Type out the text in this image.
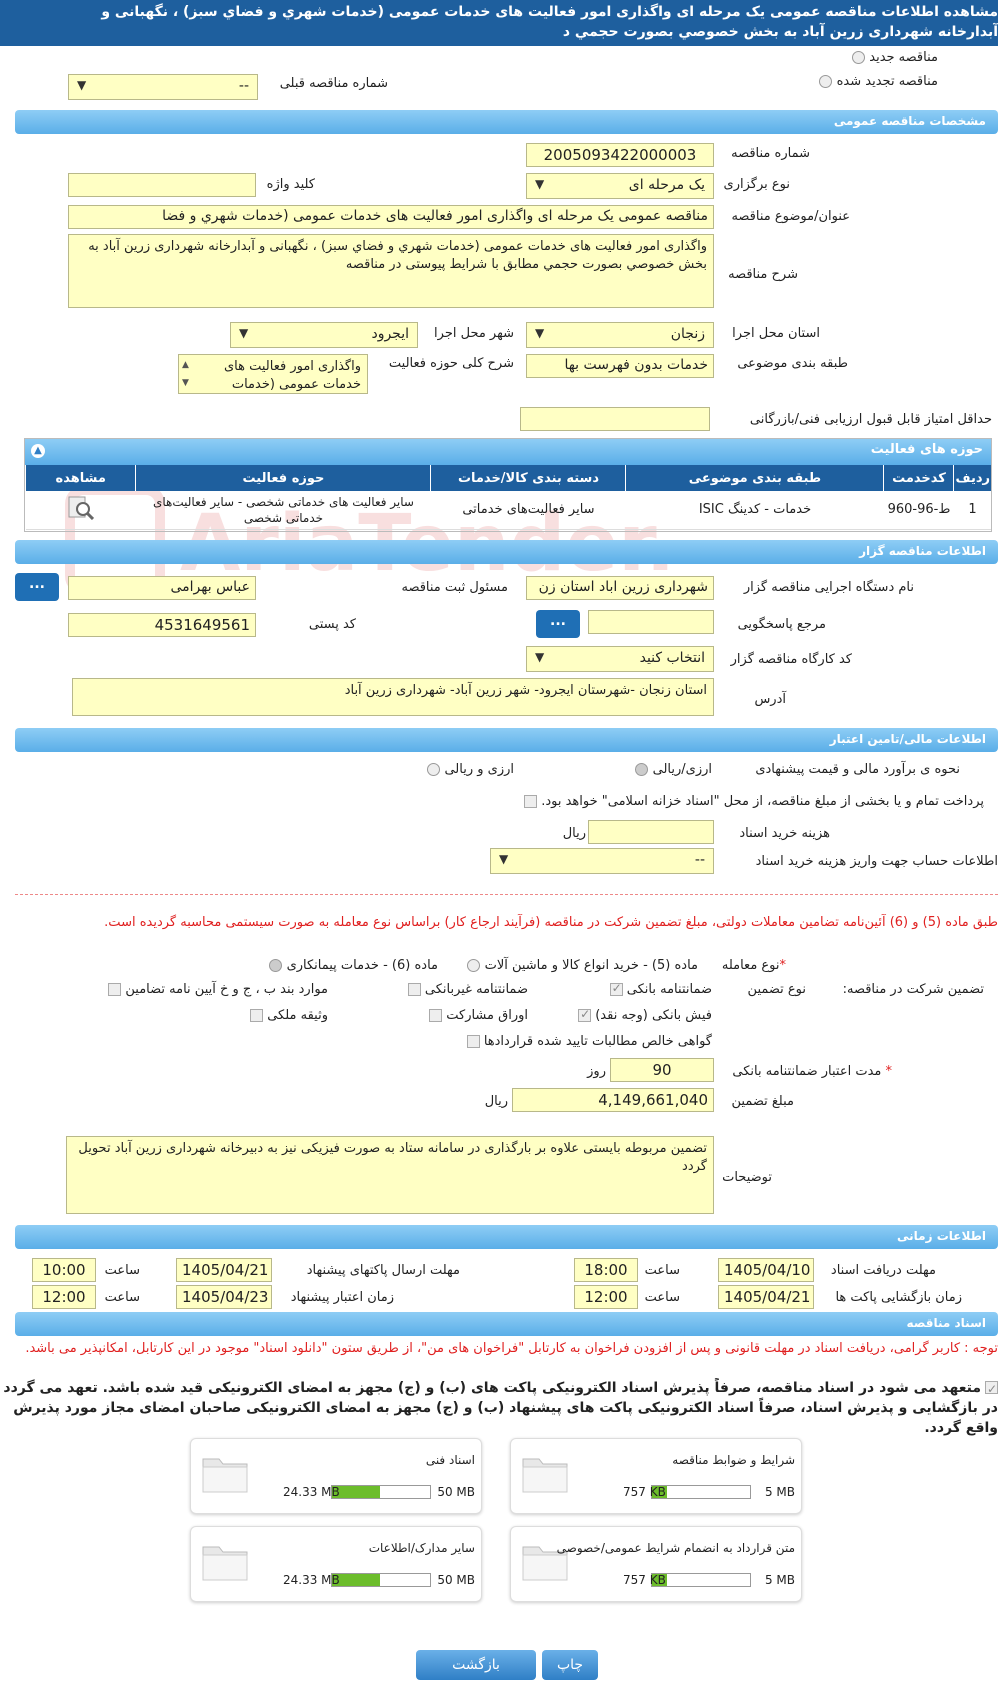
مشاهده اطلاعات مناقصه عمومی یک مرحله ای واگذاری امور فعالیت های خدمات عمومی (خدمات شهري و فضاي سبز) ، نگهبانی و
آبدارخانه شهرداری زرین آباد به بخش خصوصي بصورت حجمي د
مناقصه جدید
مناقصه تجدید شده
شماره مناقصه قبلی
--
▼
مشخصات مناقصه عمومی
شماره مناقصه
2005093422000003
نوع برگزاری
یک مرحله ای
▼
کلید واژه
عنوان/موضوع مناقصه
مناقصه عمومی یک مرحله ای واگذاری امور فعالیت های خدمات عمومی (خدمات شهري و فضا
شرح مناقصه
واگذاری امور فعالیت های خدمات عمومی (خدمات شهري و فضاي سبز) ، نگهبانی و آبدارخانه شهرداری زرین آباد به بخش خصوصي بصورت حجمي مطابق با شرایط پیوستی در مناقصه
استان محل اجرا
زنجان
▼
شهر محل اجرا
ایجرود
▼
طبقه بندی موضوعی
خدمات بدون فهرست بها
شرح کلی حوزه فعالیت
واگذاری امور فعالیت های خدمات عمومی (خدمات
▲
▼
حداقل امتیاز قابل قبول ارزیابی فنی/بازرگانی
حوزه های فعالیت
▲
ردیف	کدخدمت	طبقه بندی موضوعی	دسته بندی کالا/خدمات	حوزه فعالیت	مشاهده
1	ط-96-960	خدمات - کدینگ ISIC	سایر فعالیت‌های خدماتی	سایر فعالیت های خدماتی شخصی - سایر فعالیت‌های خدماتی شخصی	
اطلاعات مناقصه گزار
نام دستگاه اجرایی مناقصه گزار
شهرداری زرین اباد استان زن
مسئول ثبت مناقصه
عباس بهرامی
...
مرجع پاسخگویی
...
کد پستی
4531649561
کد کارگاه مناقصه گزار
انتخاب کنید
▼
آدرس
استان زنجان -شهرستان ایجرود- شهر زرین آباد- شهرداری زرین آباد
اطلاعات مالی/تامین اعتبار
نحوه ی برآورد مالی و قیمت پیشنهادی
ارزی/ریالی
ارزی و ریالی
پرداخت تمام و یا بخشی از مبلغ مناقصه، از محل "اسناد خزانه اسلامی" خواهد بود.
هزینه خرید اسناد
ریال
اطلاعات حساب جهت واریز هزینه خرید اسناد
--
▼
طبق ماده (5) و (6) آئین‌نامه تضامین معاملات دولتی، مبلغ تضمین شرکت در مناقصه (فرآیند ارجاع کار) براساس نوع معامله به صورت سیستمی محاسبه گردیده است.
*نوع معامله
ماده (5) - خرید انواع کالا و ماشین آلات
ماده (6) - خدمات پیمانکاری
تضمین شرکت در مناقصه:
نوع تضمین
ضمانتنامه بانکی ✓
ضمانتنامه غیربانکی
موارد بند ب ، ج و خ آیین نامه تضامین
فیش بانکی (وجه نقد) ✓
اوراق مشارکت
وثیقه ملکی
گواهی خالص مطالبات تایید شده قراردادها
* مدت اعتبار ضمانتنامه بانکی
90
روز
مبلغ تضمین
4,149,661,040
ریال
توضیحات
تضمین مربوطه بایستی علاوه بر بارگذاری در سامانه ستاد به صورت فیزیکی نیز به دبیرخانه شهرداری زرین آباد تحویل گردد
اطلاعات زمانی
مهلت دریافت اسناد
1405/04/10
ساعت
18:00
مهلت ارسال پاکتهای پیشنهاد
1405/04/21
ساعت
10:00
زمان بازگشایی پاکت ها
1405/04/21
ساعت
12:00
زمان اعتبار پیشنهاد
1405/04/23
ساعت
12:00
اسناد مناقصه
توجه : کاربر گرامی، دریافت اسناد در مهلت قانونی و پس از افزودن فراخوان به کارتابل "فراخوان های من"، از طریق ستون "دانلود اسناد" موجود در این کارتابل، امکانپذیر می باشد.
✓
متعهد می شود در اسناد مناقصه، صرفاً پذیرش اسناد الکترونیکی پاکت های (ب) و (ج) مجهز به امضای الکترونیکی قید شده باشد. تعهد می گردد در بازگشایی و پذیرش اسناد، صرفاً اسناد الکترونیکی پاکت های پیشنهاد (ب) و (ج) مجهز به امضای الکترونیکی صاحبان امضای مجاز مورد پذیرش واقع گردد.
شرایط و ضوابط مناقصه
5 MB
757 KB
اسناد فنی
50 MB
24.33 MB
متن قرارداد به انضمام شرایط عمومی/خصوصی
5 MB
757 KB
سایر مدارک/اطلاعات
50 MB
24.33 MB
چاپ
بازگشت
